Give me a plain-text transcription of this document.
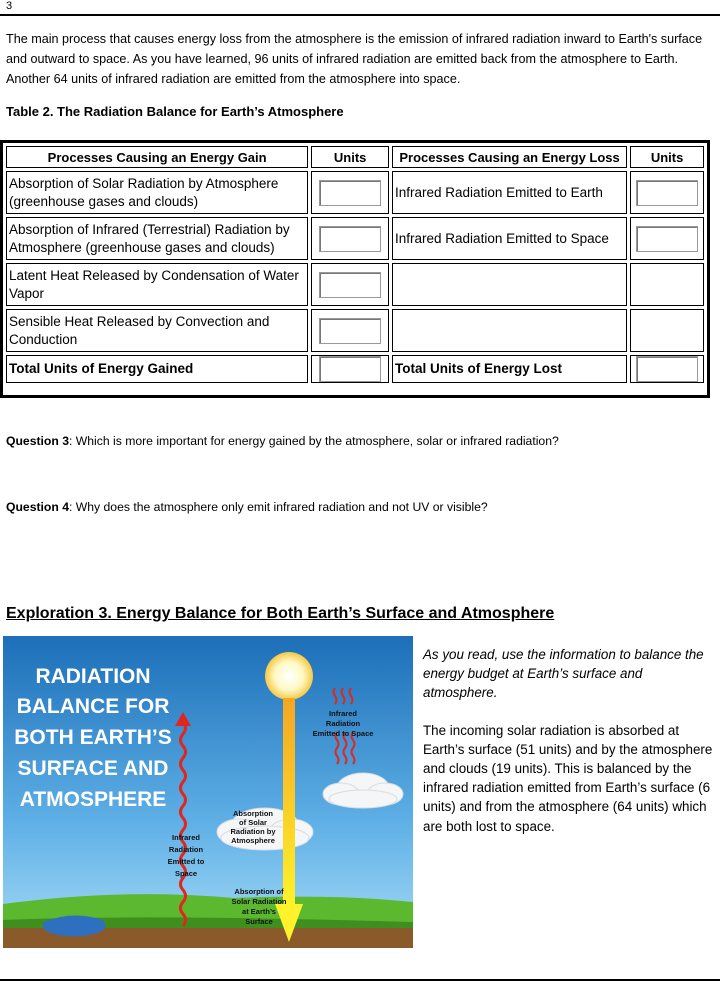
3
The main process that causes energy loss from the atmosphere is the emission of infrared radiation inward to Earth's surface and outward to space. As you have learned, 96 units of infrared radiation are emitted back from the atmosphere to Earth. Another 64 units of infrared radiation are emitted from the atmosphere into space.
Table 2. The Radiation Balance for Earth’s Atmosphere
Processes Causing an Energy Gain	Units	Processes Causing an Energy Loss	Units
Absorption of Solar Radiation by Atmosphere (greenhouse gases and clouds)		Infrared Radiation Emitted to Earth	

Absorption of Infrared (Terrestrial) Radiation by Atmosphere (greenhouse gases and clouds)		Infrared Radiation Emitted to Space	

Latent Heat Released by Condensation of Water Vapor	

Sensible Heat Released by Convection and Conduction	

Total Units of Energy Gained		Total Units of Energy Lost	
Question 3: Which is more important for energy gained by the atmosphere, solar or infrared radiation?
Question 4: Why does the atmosphere only emit infrared radiation and not UV or visible?
Exploration 3. Energy Balance for Both Earth’s Surface and Atmosphere
RADIATION
BALANCE FOR
BOTH EARTH’S
SURFACE AND
ATMOSPHERE
Infrared
Radiation
Emitted to Space
Absorption
of Solar
Radiation by
Atmosphere
Infrared
Radiation
Emitted to
Space
Absorption of
Solar Radiation
at Earth’s
Surface
As you read, use the information to balance the energy budget at Earth’s surface and atmosphere.
The incoming solar radiation is absorbed at Earth’s surface (51 units) and by the atmosphere and clouds (19 units). This is balanced by the infrared radiation emitted from Earth’s surface (6 units) and from the atmosphere (64 units) which are both lost to space.
